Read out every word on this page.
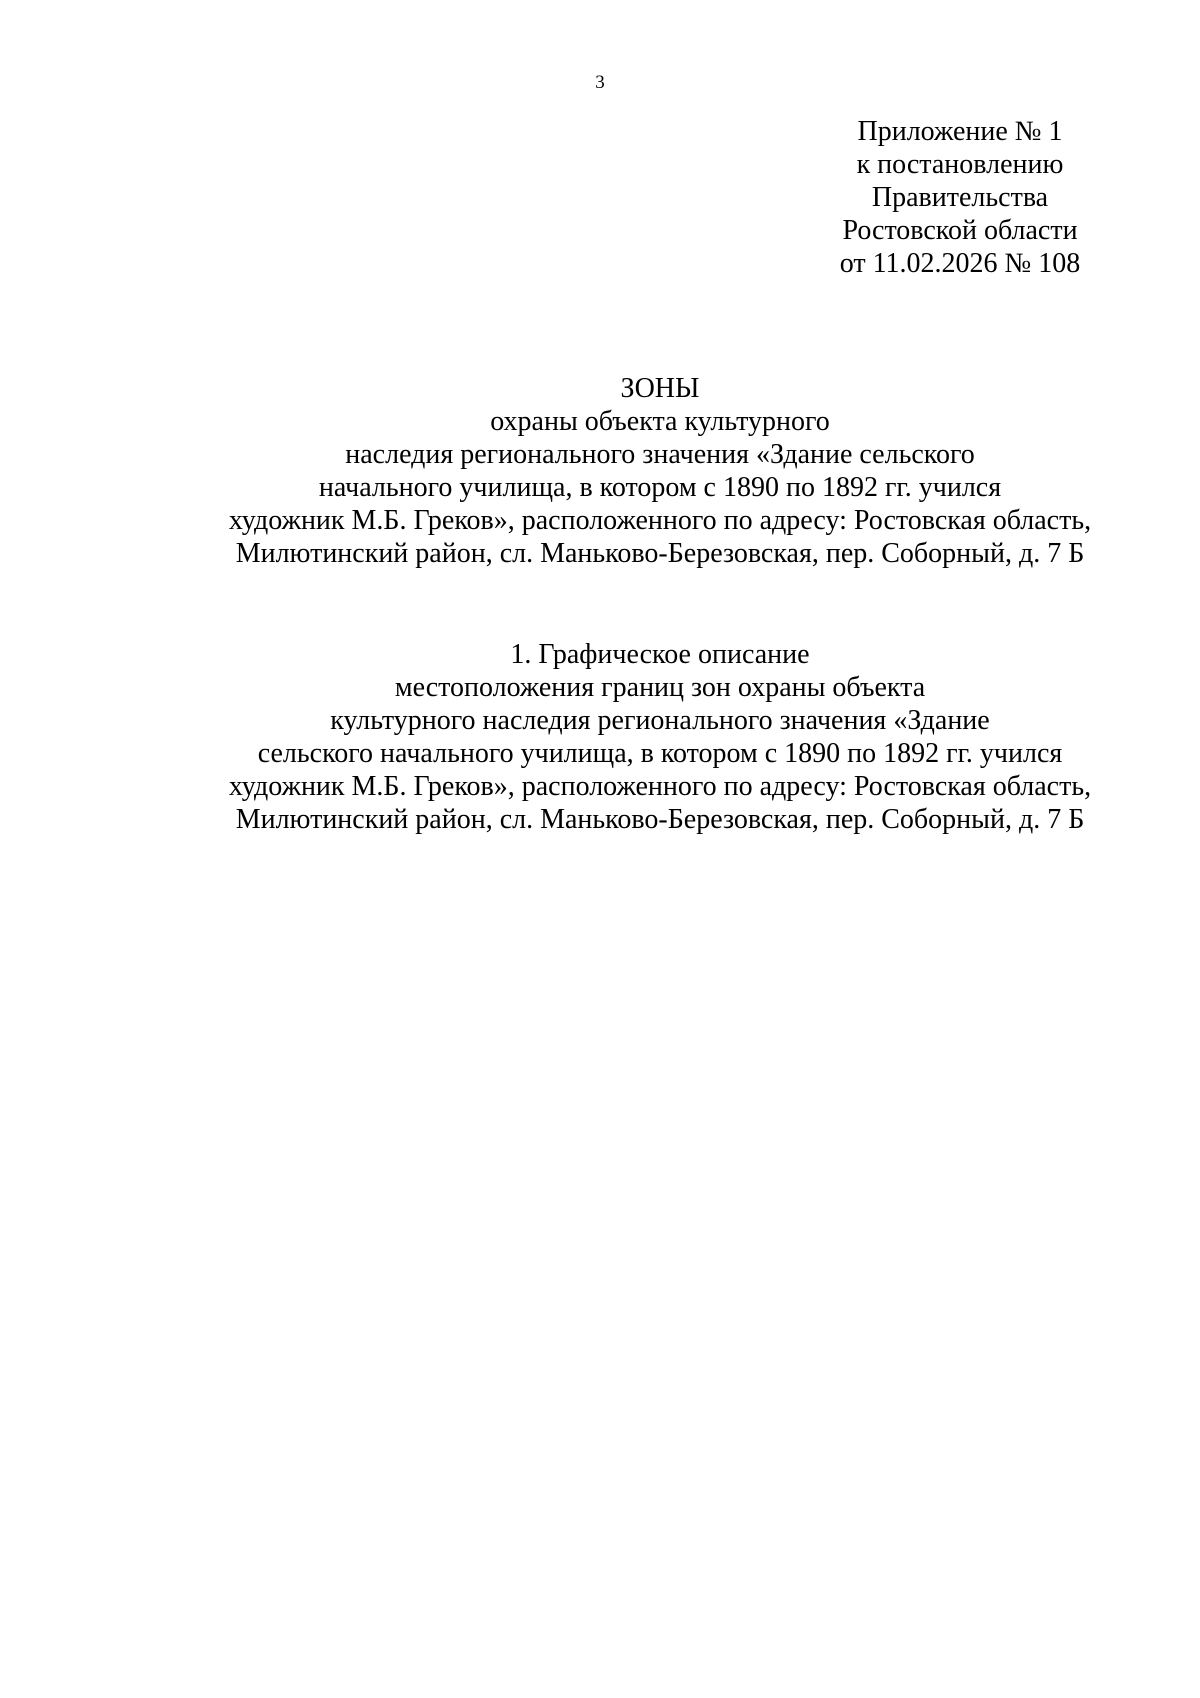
3
Приложение № 1
к постановлению
Правительства
Ростовской области
от 11.02.2026 № 108
ЗОНЫ
охраны объекта культурного
наследия регионального значения «Здание сельского
начального училища, в котором с 1890 по 1892 гг. учился
художник М.Б. Греков», расположенного по адресу: Ростовская область,
Милютинский район, сл. Маньково-Березовская, пер. Соборный, д. 7 Б
1. Графическое описание
местоположения границ зон охраны объекта
культурного наследия регионального значения «Здание
сельского начального училища, в котором с 1890 по 1892 гг. учился
художник М.Б. Греков», расположенного по адресу: Ростовская область,
Милютинский район, сл. Маньково-Березовская, пер. Соборный, д. 7 Б
